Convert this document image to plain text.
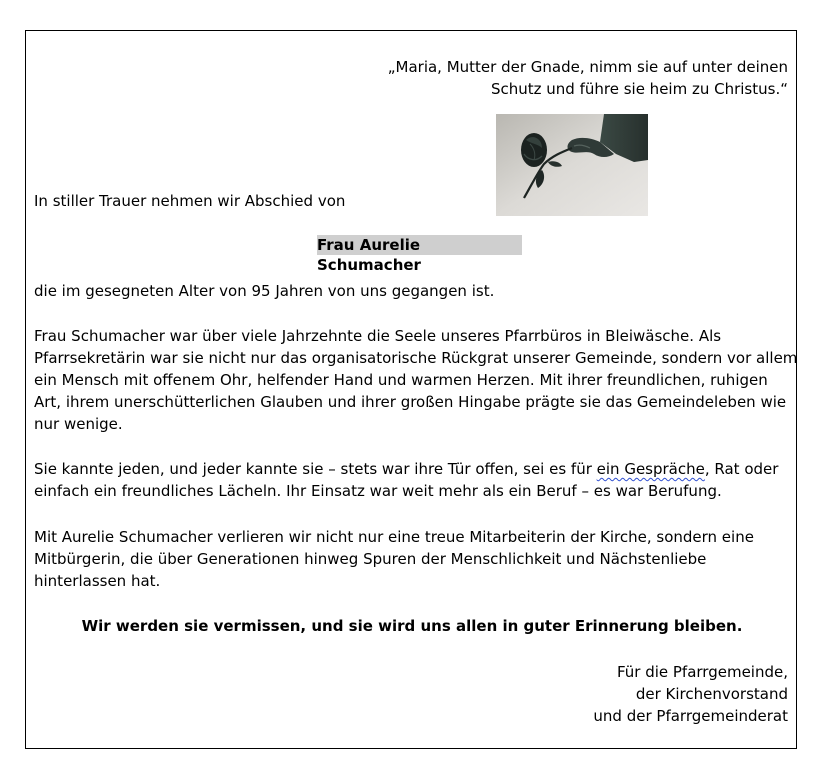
„Maria, Mutter der Gnade, nimm sie auf unter deinen
Schutz und führe sie heim zu Christus.“
In stiller Trauer nehmen wir Abschied von
Frau Aurelie Schumacher
die im gesegneten Alter von 95 Jahren von uns gegangen ist.
Frau Schumacher war über viele Jahrzehnte die Seele unseres Pfarrbüros in Bleiwäsche. Als
Pfarrsekretärin war sie nicht nur das organisatorische Rückgrat unserer Gemeinde, sondern vor allem
ein Mensch mit offenem Ohr, helfender Hand und warmen Herzen. Mit ihrer freundlichen, ruhigen
Art, ihrem unerschütterlichen Glauben und ihrer großen Hingabe prägte sie das Gemeindeleben wie
nur wenige.
Sie kannte jeden, und jeder kannte sie – stets war ihre Tür offen, sei es für ein Gespräche, Rat oder
einfach ein freundliches Lächeln. Ihr Einsatz war weit mehr als ein Beruf – es war Berufung.
Mit Aurelie Schumacher verlieren wir nicht nur eine treue Mitarbeiterin der Kirche, sondern eine
Mitbürgerin, die über Generationen hinweg Spuren der Menschlichkeit und Nächstenliebe
hinterlassen hat.
Wir werden sie vermissen, und sie wird uns allen in guter Erinnerung bleiben.
Für die Pfarrgemeinde,
der Kirchenvorstand
und der Pfarrgemeinderat
